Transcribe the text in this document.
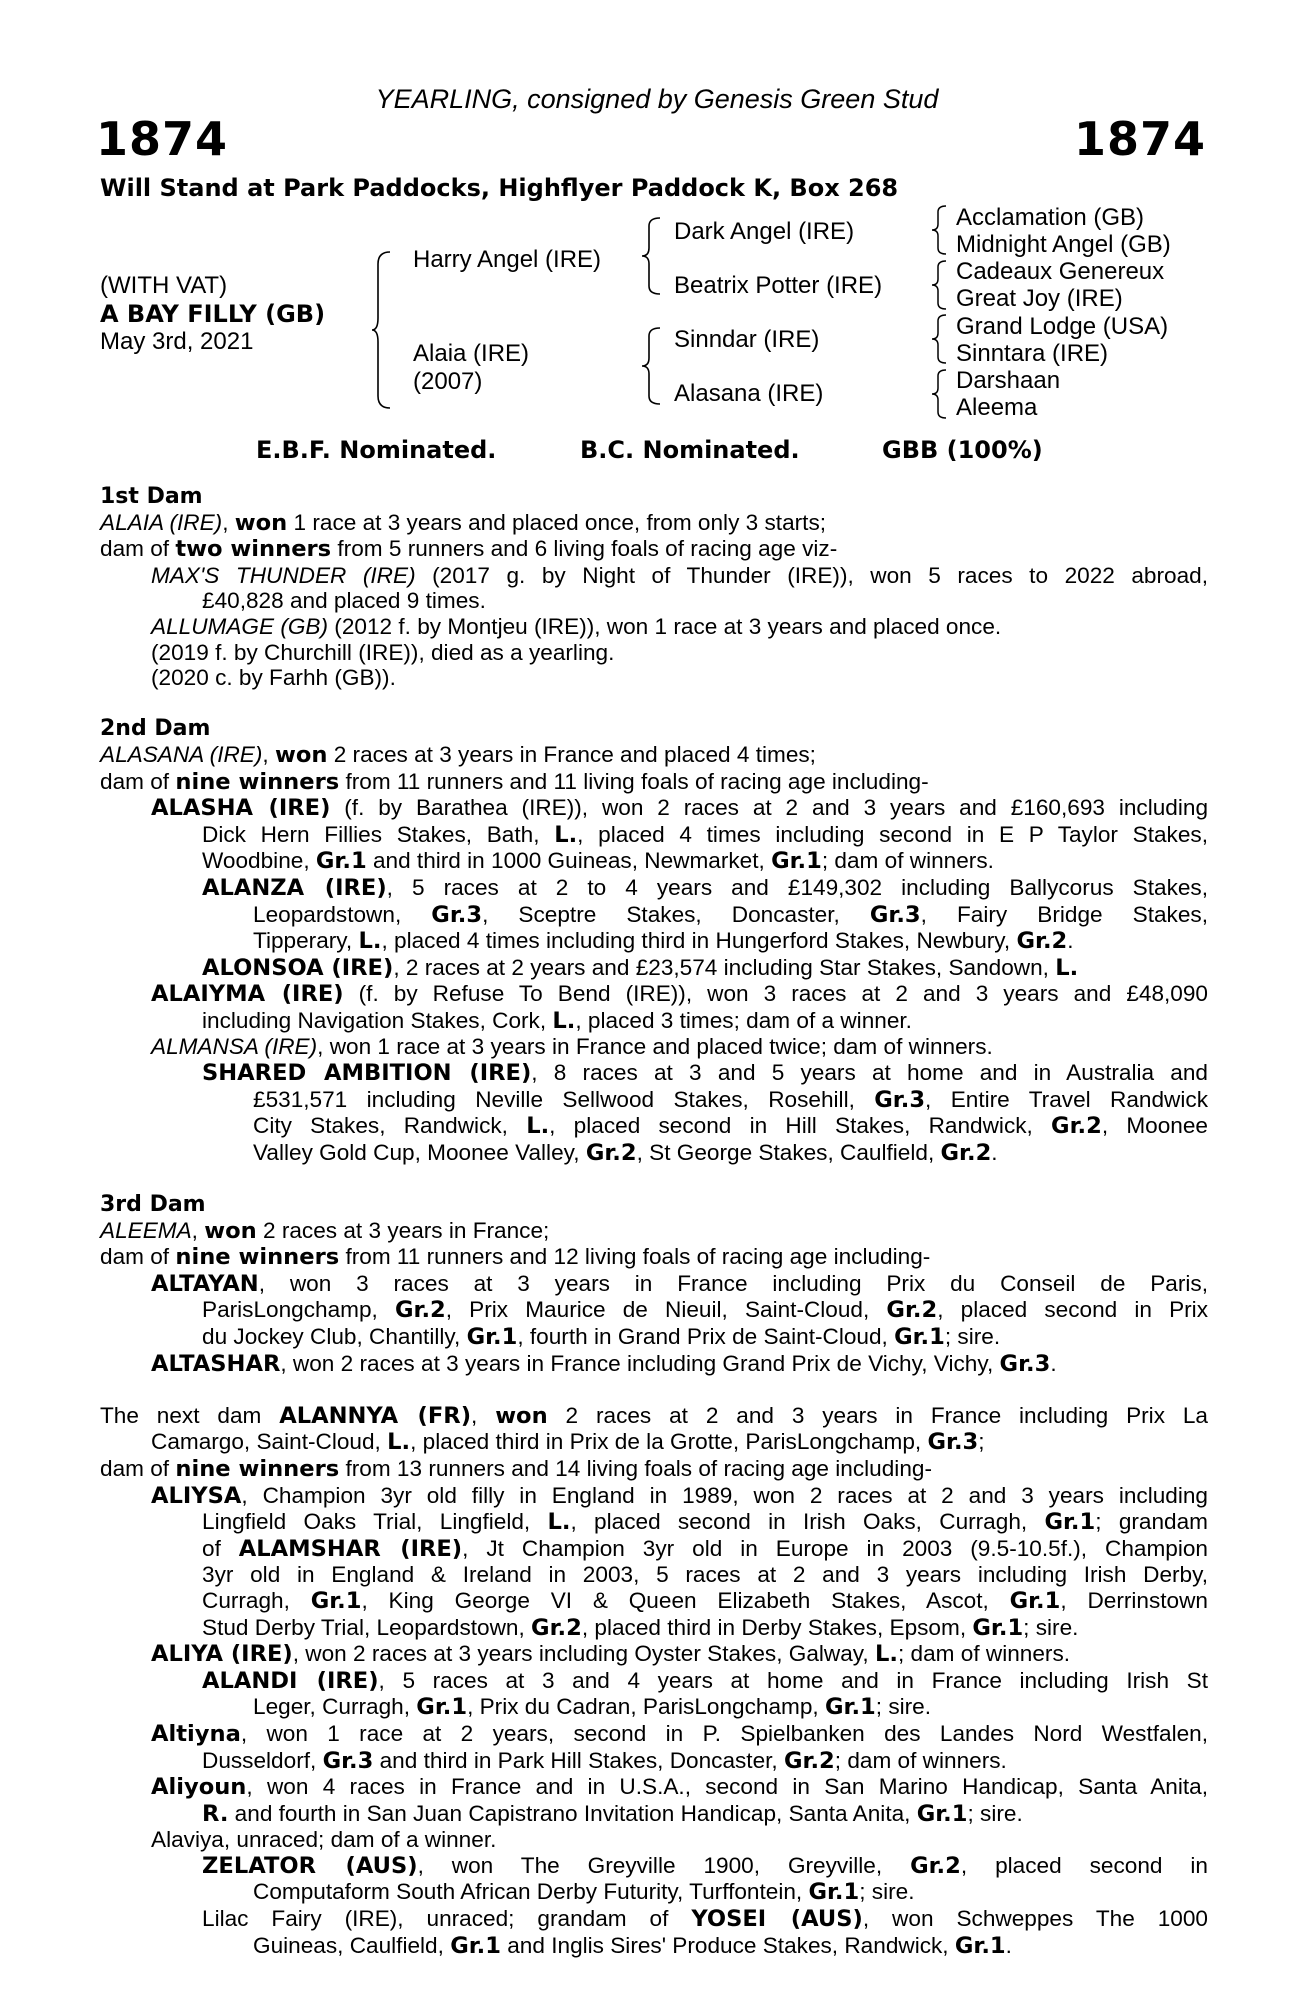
YEARLING, consigned by Genesis Green Stud
1874	1874
Will Stand at Park Paddocks, Highflyer Paddock K, Box 268
(WITH VAT)
A BAY FILLY (GB)
May 3rd, 2021
Harry Angel (IRE)
Alaia (IRE)
(2007)
Dark Angel (IRE)
Beatrix Potter (IRE)
Sinndar (IRE)
Alasana (IRE)
Acclamation (GB)
Midnight Angel (GB)
Cadeaux Genereux
Great Joy (IRE)
Grand Lodge (USA)
Sinntara (IRE)
Darshaan
Aleema
E.B.F. Nominated.	B.C. Nominated.	GBB (100%)
1st Dam
ALAIA (IRE), won 1 race at 3 years and placed once, from only 3 starts;
dam of two winners from 5 runners and 6 living foals of racing age viz-
MAX'S THUNDER (IRE) (2017 g. by Night of Thunder (IRE)), won 5 races to 2022 abroad,
£40,828 and placed 9 times.
ALLUMAGE (GB) (2012 f. by Montjeu (IRE)), won 1 race at 3 years and placed once.
(2019 f. by Churchill (IRE)), died as a yearling.
(2020 c. by Farhh (GB)).
2nd Dam
ALASANA (IRE), won 2 races at 3 years in France and placed 4 times;
dam of nine winners from 11 runners and 11 living foals of racing age including-
ALASHA (IRE) (f. by Barathea (IRE)), won 2 races at 2 and 3 years and £160,693 including
Dick Hern Fillies Stakes, Bath, L., placed 4 times including second in E P Taylor Stakes,
Woodbine, Gr.1 and third in 1000 Guineas, Newmarket, Gr.1; dam of winners.
ALANZA (IRE), 5 races at 2 to 4 years and £149,302 including Ballycorus Stakes,
Leopardstown, Gr.3, Sceptre Stakes, Doncaster, Gr.3, Fairy Bridge Stakes,
Tipperary, L., placed 4 times including third in Hungerford Stakes, Newbury, Gr.2.
ALONSOA (IRE), 2 races at 2 years and £23,574 including Star Stakes, Sandown, L.
ALAIYMA (IRE) (f. by Refuse To Bend (IRE)), won 3 races at 2 and 3 years and £48,090
including Navigation Stakes, Cork, L., placed 3 times; dam of a winner.
ALMANSA (IRE), won 1 race at 3 years in France and placed twice; dam of winners.
SHARED AMBITION (IRE), 8 races at 3 and 5 years at home and in Australia and
£531,571 including Neville Sellwood Stakes, Rosehill, Gr.3, Entire Travel Randwick
City Stakes, Randwick, L., placed second in Hill Stakes, Randwick, Gr.2, Moonee
Valley Gold Cup, Moonee Valley, Gr.2, St George Stakes, Caulfield, Gr.2.
3rd Dam
ALEEMA, won 2 races at 3 years in France;
dam of nine winners from 11 runners and 12 living foals of racing age including-
ALTAYAN, won 3 races at 3 years in France including Prix du Conseil de Paris,
ParisLongchamp, Gr.2, Prix Maurice de Nieuil, Saint-Cloud, Gr.2, placed second in Prix
du Jockey Club, Chantilly, Gr.1, fourth in Grand Prix de Saint-Cloud, Gr.1; sire.
ALTASHAR, won 2 races at 3 years in France including Grand Prix de Vichy, Vichy, Gr.3.
The next dam ALANNYA (FR), won 2 races at 2 and 3 years in France including Prix La
Camargo, Saint-Cloud, L., placed third in Prix de la Grotte, ParisLongchamp, Gr.3;
dam of nine winners from 13 runners and 14 living foals of racing age including-
ALIYSA, Champion 3yr old filly in England in 1989, won 2 races at 2 and 3 years including
Lingfield Oaks Trial, Lingfield, L., placed second in Irish Oaks, Curragh, Gr.1; grandam
of ALAMSHAR (IRE), Jt Champion 3yr old in Europe in 2003 (9.5-10.5f.), Champion
3yr old in England & Ireland in 2003, 5 races at 2 and 3 years including Irish Derby,
Curragh, Gr.1, King George VI & Queen Elizabeth Stakes, Ascot, Gr.1, Derrinstown
Stud Derby Trial, Leopardstown, Gr.2, placed third in Derby Stakes, Epsom, Gr.1; sire.
ALIYA (IRE), won 2 races at 3 years including Oyster Stakes, Galway, L.; dam of winners.
ALANDI (IRE), 5 races at 3 and 4 years at home and in France including Irish St
Leger, Curragh, Gr.1, Prix du Cadran, ParisLongchamp, Gr.1; sire.
Altiyna, won 1 race at 2 years, second in P. Spielbanken des Landes Nord Westfalen,
Dusseldorf, Gr.3 and third in Park Hill Stakes, Doncaster, Gr.2; dam of winners.
Aliyoun, won 4 races in France and in U.S.A., second in San Marino Handicap, Santa Anita,
R. and fourth in San Juan Capistrano Invitation Handicap, Santa Anita, Gr.1; sire.
Alaviya, unraced; dam of a winner.
ZELATOR (AUS), won The Greyville 1900, Greyville, Gr.2, placed second in
Computaform South African Derby Futurity, Turffontein, Gr.1; sire.
Lilac Fairy (IRE), unraced; grandam of YOSEI (AUS), won Schweppes The 1000
Guineas, Caulfield, Gr.1 and Inglis Sires' Produce Stakes, Randwick, Gr.1.
